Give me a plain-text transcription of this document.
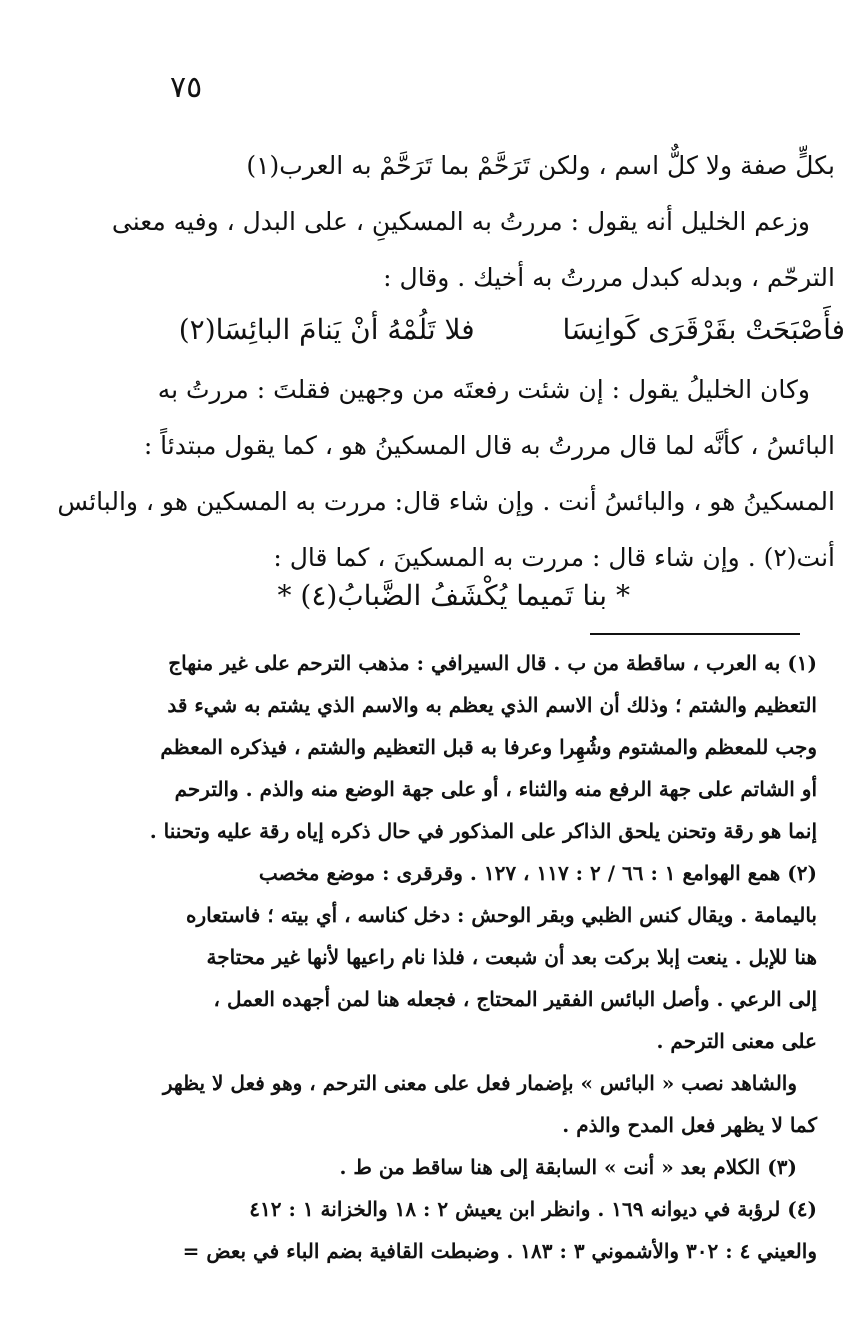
٧٥
بكلٍّ صفة ولا كلٌّ اسم ، ولكن تَرَحَّمْ بما تَرَحَّمْ به العرب‏(١)
وزعم الخليل أنه يقول : مررتُ به المسكينِ ، على البدل ، وفيه معنى
الترحّم ، وبدله كبدل مررتُ به أخيك . وقال :
فأَصْبَحَتْ بقَرْقَرَى كَوانِسَا  فلا تَلُمْهُ أنْ يَنامَ البائِسَا‏(٢)
وكان الخليلُ يقول : إن شئت رفعتَه من وجهين فقلتَ : مررتُ به
البائسُ ، كأنَّه لما قال مررتُ به قال المسكينُ هو ، كما يقول مبتدئاً :
المسكينُ هو ، والبائسُ أنت . وإن شاء قال: مررت به المسكين هو ، والبائس
أنت‏(٢) . وإن شاء قال : مررت به المسكينَ ، كما قال :
* بنا تَميما يُكْشَفُ الضَّبابُ‏(٤) *
(١) به العرب ، ساقطة من ب . قال السيرافي : مذهب الترحم على غير منهاج
التعظيم والشتم ؛ وذلك أن الاسم الذي يعظم به والاسم الذي يشتم به شيء قد
وجب للمعظم والمشتوم وشُهِرا وعرفا به قبل التعظيم والشتم ، فيذكره المعظم
أو الشاتم على جهة الرفع منه والثناء ، أو على جهة الوضع منه والذم . والترحم
إنما هو رقة وتحنن يلحق الذاكر على المذكور في حال ذكره إياه رقة عليه وتحننا .
(٢) همع الهوامع ١ : ٦٦ / ٢ : ١١٧ ، ١٢٧ . وقرقرى : موضع مخصب
باليمامة . ويقال كنس الظبي وبقر الوحش : دخل كناسه ، أي بيته ؛ فاستعاره
هنا للإبل . ينعت إبلا بركت بعد أن شبعت ، فلذا نام راعيها لأنها غير محتاجة
إلى الرعي . وأصل البائس الفقير المحتاج ، فجعله هنا لمن أجهده العمل ،
على معنى الترحم .
والشاهد نصب « البائس » بإضمار فعل على معنى الترحم ، وهو فعل لا يظهر
كما لا يظهر فعل المدح والذم .
(٣) الكلام بعد « أنت » السابقة إلى هنا ساقط من ط .
(٤) لرؤبة في ديوانه ١٦٩ . وانظر ابن يعيش ٢ : ١٨ والخزانة ١ : ٤١٢
والعيني ٤ : ٣٠٢ والأشموني ٣ : ١٨٣ . وضبطت القافية بضم الباء في بعض =
